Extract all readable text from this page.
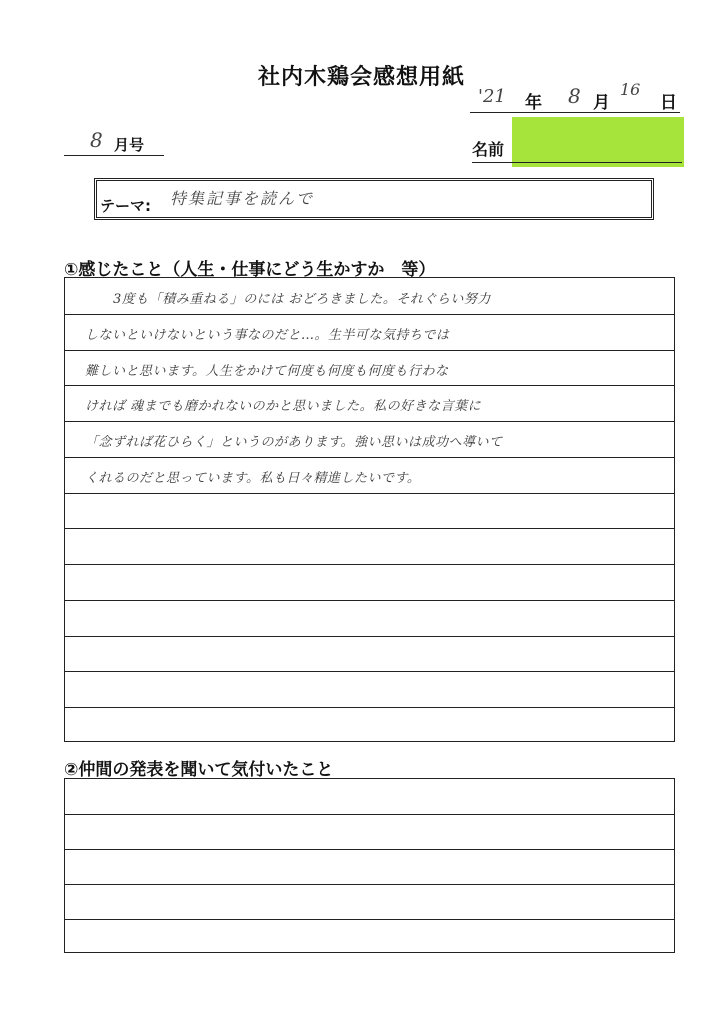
社内木鶏会感想用紙
'21 年 8 月
16
日
8 月号	名前
テーマ: 特集記事を読んで
①感じたこと（人生・仕事にどう生かすか　等）
3度も「積み重ねる」のには おどろきました。それぐらい努力
しないといけないという事なのだと…。生半可な気持ちでは
難しいと思います。人生をかけて何度も何度も何度も行わな
ければ 魂までも磨かれないのかと思いました。私の好きな言葉に
「念ずれば花ひらく」というのがあります。強い思いは成功へ導いて
くれるのだと思っています。私も日々精進したいです。
②仲間の発表を聞いて気付いたこと
